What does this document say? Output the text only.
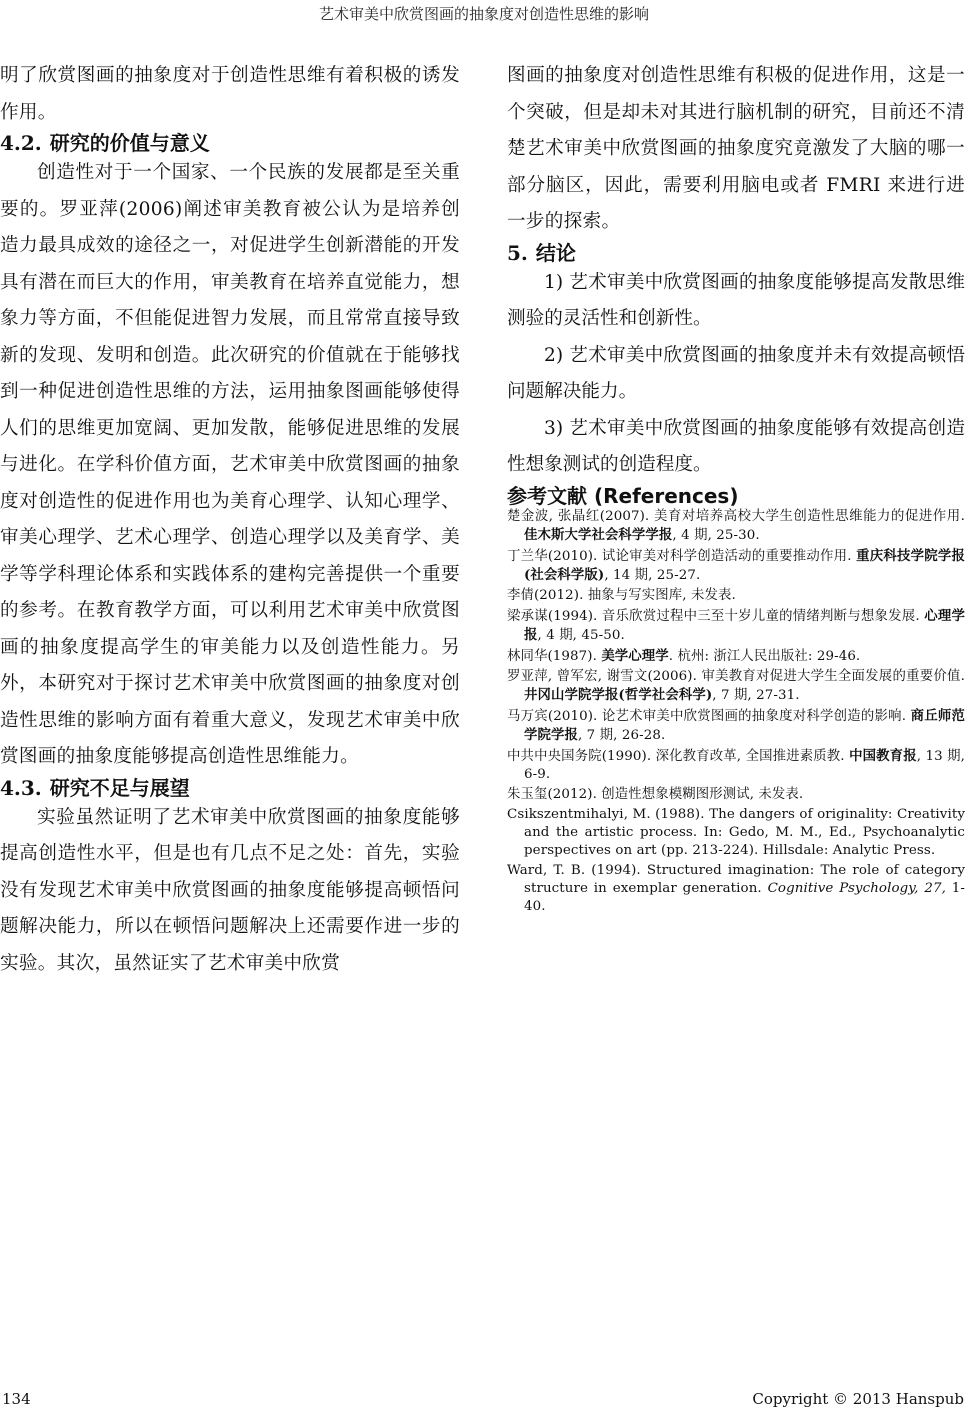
艺术审美中欣赏图画的抽象度对创造性思维的影响

明了欣赏图画的抽象度对于创造性思维有着积极的诱发作用。

4.2. 研究的价值与意义

创造性对于一个国家、一个民族的发展都是至关重要的。罗亚萍(2006)阐述审美教育被公认为是培养创造力最具成效的途径之一，对促进学生创新潜能的开发具有潜在而巨大的作用，审美教育在培养直觉能力，想象力等方面，不但能促进智力发展，而且常常直接导致新的发现、发明和创造。此次研究的价值就在于能够找到一种促进创造性思维的方法，运用抽象图画能够使得人们的思维更加宽阔、更加发散，能够促进思维的发展与进化。在学科价值方面，艺术审美中欣赏图画的抽象度对创造性的促进作用也为美育心理学、认知心理学、审美心理学、艺术心理学、创造心理学以及美育学、美学等学科理论体系和实践体系的建构完善提供一个重要的参考。在教育教学方面，可以利用艺术审美中欣赏图画的抽象度提高学生的审美能力以及创造性能力。另外，本研究对于探讨艺术审美中欣赏图画的抽象度对创造性思维的影响方面有着重大意义，发现艺术审美中欣赏图画的抽象度能够提高创造性思维能力。

4.3. 研究不足与展望

实验虽然证明了艺术审美中欣赏图画的抽象度能够提高创造性水平，但是也有几点不足之处：首先，实验没有发现艺术审美中欣赏图画的抽象度能够提高顿悟问题解决能力，所以在顿悟问题解决上还需要作进一步的实验。其次，虽然证实了艺术审美中欣赏

图画的抽象度对创造性思维有积极的促进作用，这是一个突破，但是却未对其进行脑机制的研究，目前还不清楚艺术审美中欣赏图画的抽象度究竟激发了大脑的哪一部分脑区，因此，需要利用脑电或者 FMRI 来进行进一步的探索。

5. 结论

1) 艺术审美中欣赏图画的抽象度能够提高发散思维测验的灵活性和创新性。

2) 艺术审美中欣赏图画的抽象度并未有效提高顿悟问题解决能力。

3) 艺术审美中欣赏图画的抽象度能够有效提高创造性想象测试的创造程度。

参考文献 (References)

楚金波, 张晶红(2007). 美育对培养高校大学生创造性思维能力的促进作用. 佳木斯大学社会科学学报, 4 期, 25-30.

丁兰华(2010). 试论审美对科学创造活动的重要推动作用. 重庆科技学院学报(社会科学版), 14 期, 25-27.

李倩(2012). 抽象与写实图库, 未发表.

梁承谋(1994). 音乐欣赏过程中三至十岁儿童的情绪判断与想象发展. 心理学报, 4 期, 45-50.

林同华(1987). 美学心理学. 杭州: 浙江人民出版社: 29-46.

罗亚萍, 曾军宏, 谢雪文(2006). 审美教育对促进大学生全面发展的重要价值. 井冈山学院学报(哲学社会科学), 7 期, 27-31.

马万宾(2010). 论艺术审美中欣赏图画的抽象度对科学创造的影响. 商丘师范学院学报, 7 期, 26-28.

中共中央国务院(1990). 深化教育改革, 全国推进素质教. 中国教育报, 13 期, 6-9.

朱玉玺(2012). 创造性想象模糊图形测试, 未发表.

Csikszentmihalyi, M. (1988). The dangers of originality: Creativity and the artistic process. In: Gedo, M. M., Ed., Psychoanalytic perspectives on art (pp. 213-224). Hillsdale: Analytic Press.

Ward, T. B. (1994). Structured imagination: The role of category structure in exemplar generation. Cognitive Psychology, 27, 1-40.

134	Copyright © 2013 Hanspub
